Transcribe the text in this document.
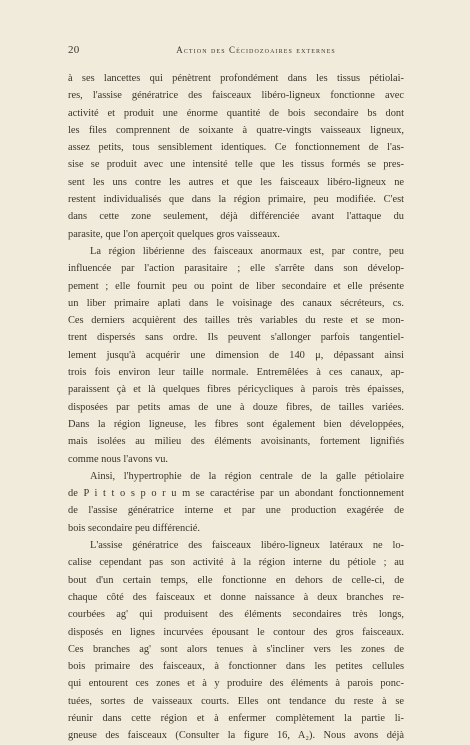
20	Action des Cécidozoaires externes
à ses lancettes qui pénètrent profondément dans les tissus pétiolai-
res, l'assise génératrice des faisceaux libéro-ligneux fonctionne avec
activité et produit une énorme quantité de bois secondaire bs dont
les files comprennent de soixante à quatre-vingts vaisseaux ligneux,
assez petits, tous sensiblement identiques. Ce fonctionnement de l'as-
sise se produit avec une intensité telle que les tissus formés se pres-
sent les uns contre les autres et que les faisceaux libéro-ligneux ne
restent individualisés que dans la région primaire, peu modifiée. C'est
dans cette zone seulement, déjà différenciée avant l'attaque du
parasite, que l'on aperçoit quelques gros vaisseaux.
La région libérienne des faisceaux anormaux est, par contre, peu
influencée par l'action parasitaire ; elle s'arrête dans son dévelop-
pement ; elle fournit peu ou point de liber secondaire et elle présente
un liber primaire aplati dans le voisinage des canaux sécréteurs, cs.
Ces derniers acquièrent des tailles très variables du reste et se mon-
trent dispersés sans ordre. Ils peuvent s'allonger parfois tangentiel-
lement jusqu'à acquérir une dimension de 140 μ, dépassant ainsi
trois fois environ leur taille normale. Entremêlées à ces canaux, ap-
paraissent çà et là quelques fibres péricycliques à parois très épaisses,
disposées par petits amas de une à douze fibres, de tailles variées.
Dans la région ligneuse, les fibres sont également bien développées,
mais isolées au milieu des éléments avoisinants, fortement lignifiés
comme nous l'avons vu.
Ainsi, l'hypertrophie de la région centrale de la galle pétiolaire
de P i t t o s p o r u m se caractérise par un abondant fonctionnement
de l'assise génératrice interne et par une production exagérée de
bois secondaire peu différencié.
L'assise génératrice des faisceaux libéro-ligneux latéraux ne lo-
calise cependant pas son activité à la région interne du pétiole ; au
bout d'un certain temps, elle fonctionne en dehors de celle-ci, de
chaque côté des faisceaux et donne naissance à deux branches re-
courbées ag' qui produisent des éléments secondaires très longs,
disposés en lignes incurvées épousant le contour des gros faisceaux.
Ces branches ag' sont alors tenues à s'incliner vers les zones de
bois primaire des faisceaux, à fonctionner dans les petites cellules
qui entourent ces zones et à y produire des éléments à parois ponc-
tuées, sortes de vaisseaux courts. Elles ont tendance du reste à se
réunir dans cette région et à enfermer complètement la partie li-
gneuse des faisceaux (Consulter la figure 16, A₂). Nous avons déjà
